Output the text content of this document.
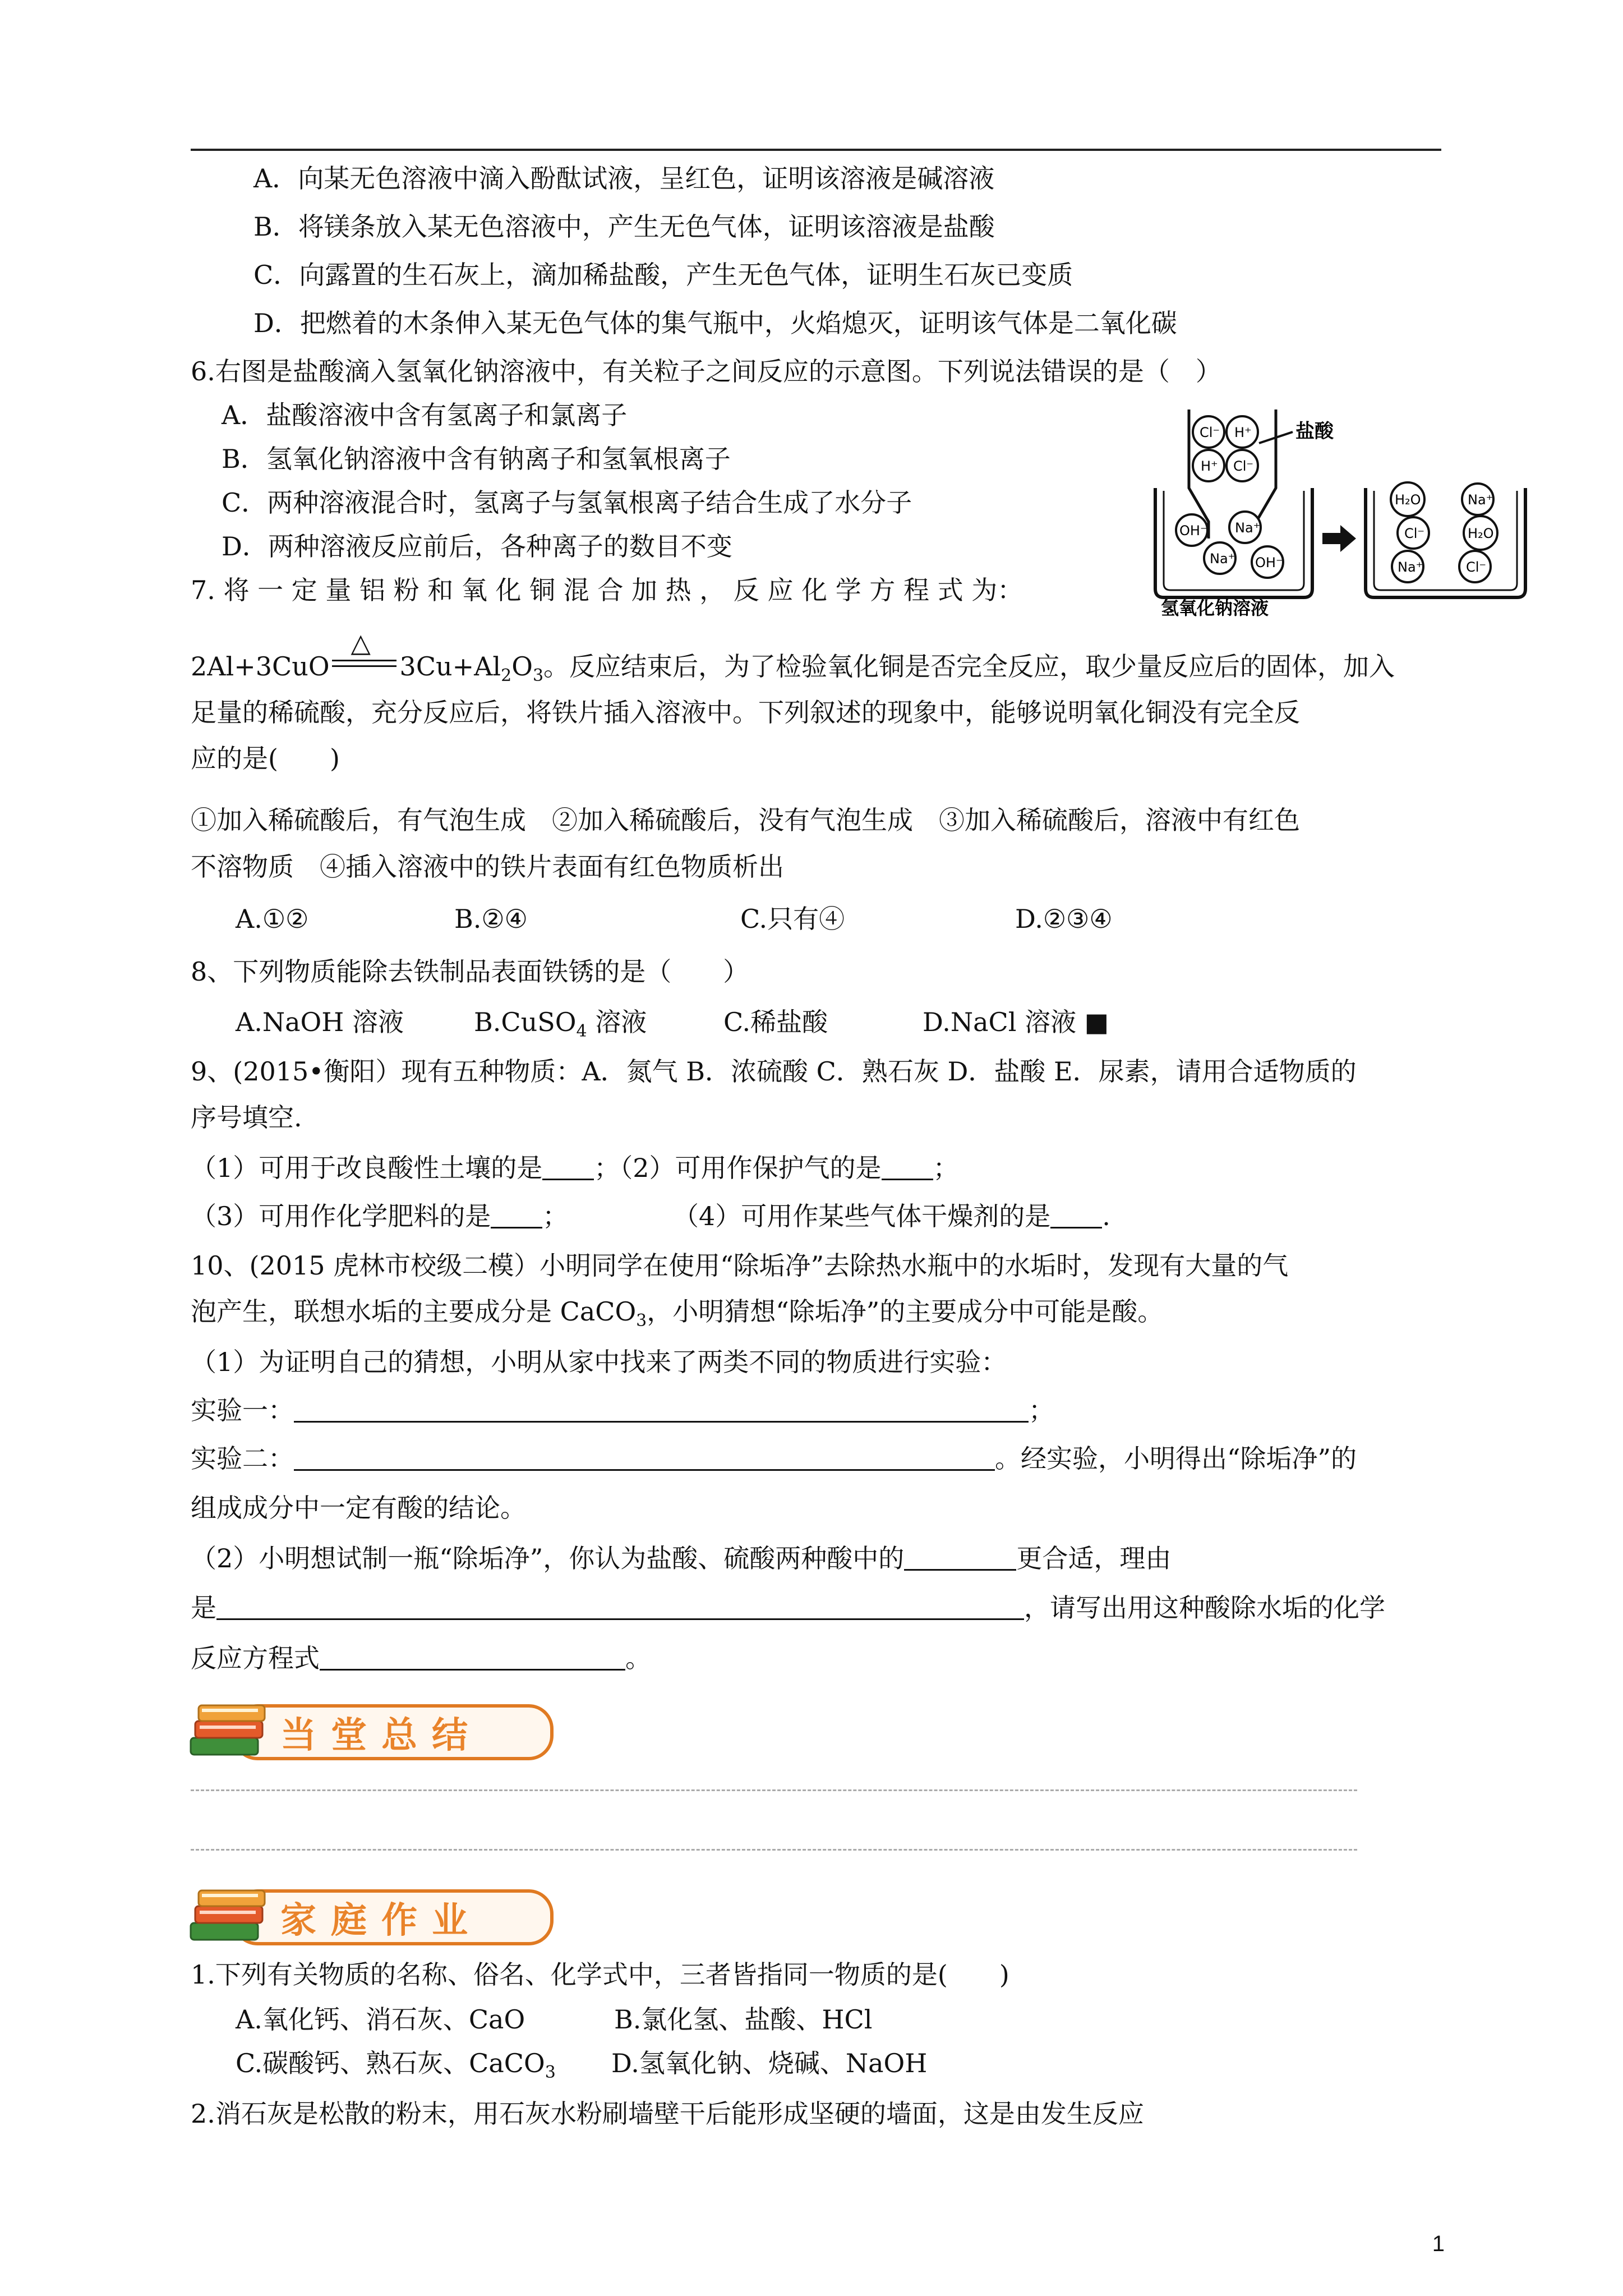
A．向某无色溶液中滴入酚酞试液，呈红色，证明该溶液是碱溶液
B．将镁条放入某无色溶液中，产生无色气体，证明该溶液是盐酸
C．向露置的生石灰上，滴加稀盐酸，产生无色气体，证明生石灰已变质
D．把燃着的木条伸入某无色气体的集气瓶中，火焰熄灭，证明该气体是二氧化碳
6.右图是盐酸滴入氢氧化钠溶液中，有关粒子之间反应的示意图。下列说法错误的是（　）
A．盐酸溶液中含有氢离子和氯离子
B．氢氧化钠溶液中含有钠离子和氢氧根离子
C．两种溶液混合时，氢离子与氢氧根离子结合生成了水分子
D．两种溶液反应前后，各种离子的数目不变
Cl⁻ H⁺
H⁺ Cl⁻
盐酸
OH⁻ Na⁺
Na⁺ OH⁻
氢氧化钠溶液
H₂O	Na⁺
Cl⁻	H₂O
Na⁺	Cl⁻
7. 将 一 定 量 铝 粉 和 氧 化 铜 混 合 加 热 ， 反 应 化 学 方 程 式 为：
2Al+3CuO
△
$3Cu+Al_2O_3$。反应结束后，为了检验氧化铜是否完全反应，取少量反应后的固体，加入
足量的稀硫酸，充分反应后，将铁片插入溶液中。下列叙述的现象中，能够说明氧化铜没有完全反
应的是(　　)
①加入稀硫酸后，有气泡生成　②加入稀硫酸后，没有气泡生成　③加入稀硫酸后，溶液中有红色
不溶物质　④插入溶液中的铁片表面有红色物质析出
A.①②	B.②④	C.只有④	D.②③④
8、下列物质能除去铁制品表面铁锈的是（　　）
A.NaOH 溶液	B.CuSO$_4$ 溶液	C.稀盐酸	D.NaCl 溶液 ■
9、(2015•衡阳）现有五种物质：A．氮气 B．浓硫酸 C．熟石灰 D．盐酸 E．尿素，请用合适物质的
序号填空.
（1）可用于改良酸性土壤的是 ；（2）可用作保护气的是 ；
（3）可用作化学肥料的是 ；	（4）可用作某些气体干燥剂的是 .
10、(2015 虎林市校级二模）小明同学在使用“除垢净”去除热水瓶中的水垢时，发现有大量的气
泡产生，联想水垢的主要成分是 CaCO$_3$，小明猜想“除垢净”的主要成分中可能是酸。
（1）为证明自己的猜想，小明从家中找来了两类不同的物质进行实验：
实验一：	；
实验二：	。经实验，小明得出“除垢净”的
组成成分中一定有酸的结论。
（2）小明想试制一瓶“除垢净”，你认为盐酸、硫酸两种酸中的	更合适，理由
是	，请写出用这种酸除水垢的化学
反应方程式	。
当堂总结
家庭作业
1.下列有关物质的名称、俗名、化学式中，三者皆指同一物质的是(　　)
A.氧化钙、消石灰、CaO	B.氯化氢、盐酸、HCl
C.碳酸钙、熟石灰、CaCO$_3$ D.氢氧化钠、烧碱、NaOH
2.消石灰是松散的粉末，用石灰水粉刷墙壁干后能形成坚硬的墙面，这是由发生反应
1
